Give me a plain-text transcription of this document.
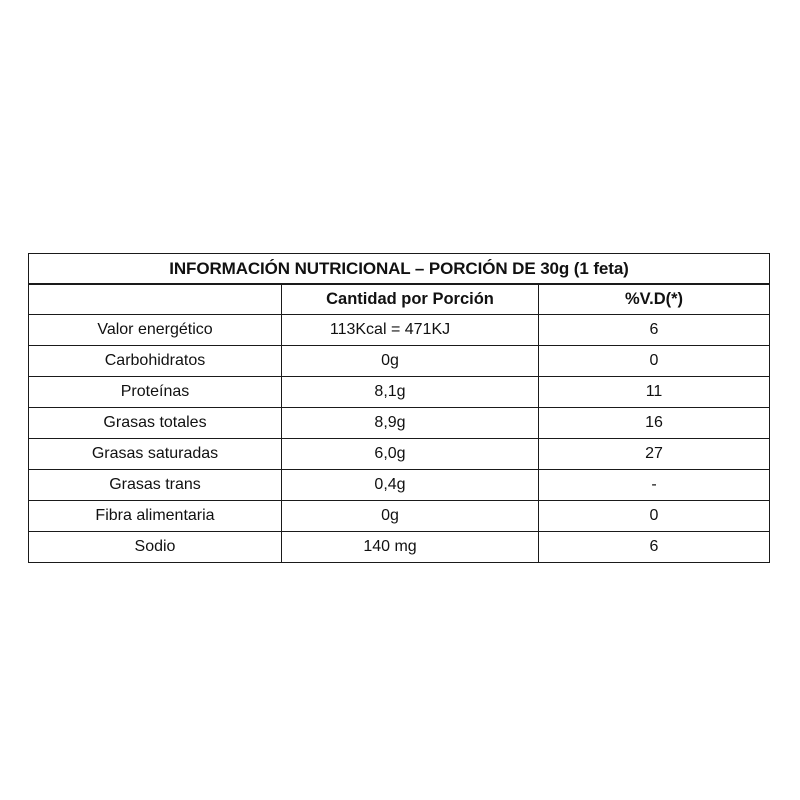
INFORMACIÓN NUTRICIONAL – PORCIÓN DE 30g (1 feta)		
	Cantidad por Porción	%V.D(*)
Valor energético	113Kcal = 471KJ	6
Carbohidratos	0g	0
Proteínas	8,1g	11
Grasas totales	8,9g	16
Grasas saturadas	6,0g	27
Grasas trans	0,4g	-
Fibra alimentaria	0g	0
Sodio	140 mg	6
